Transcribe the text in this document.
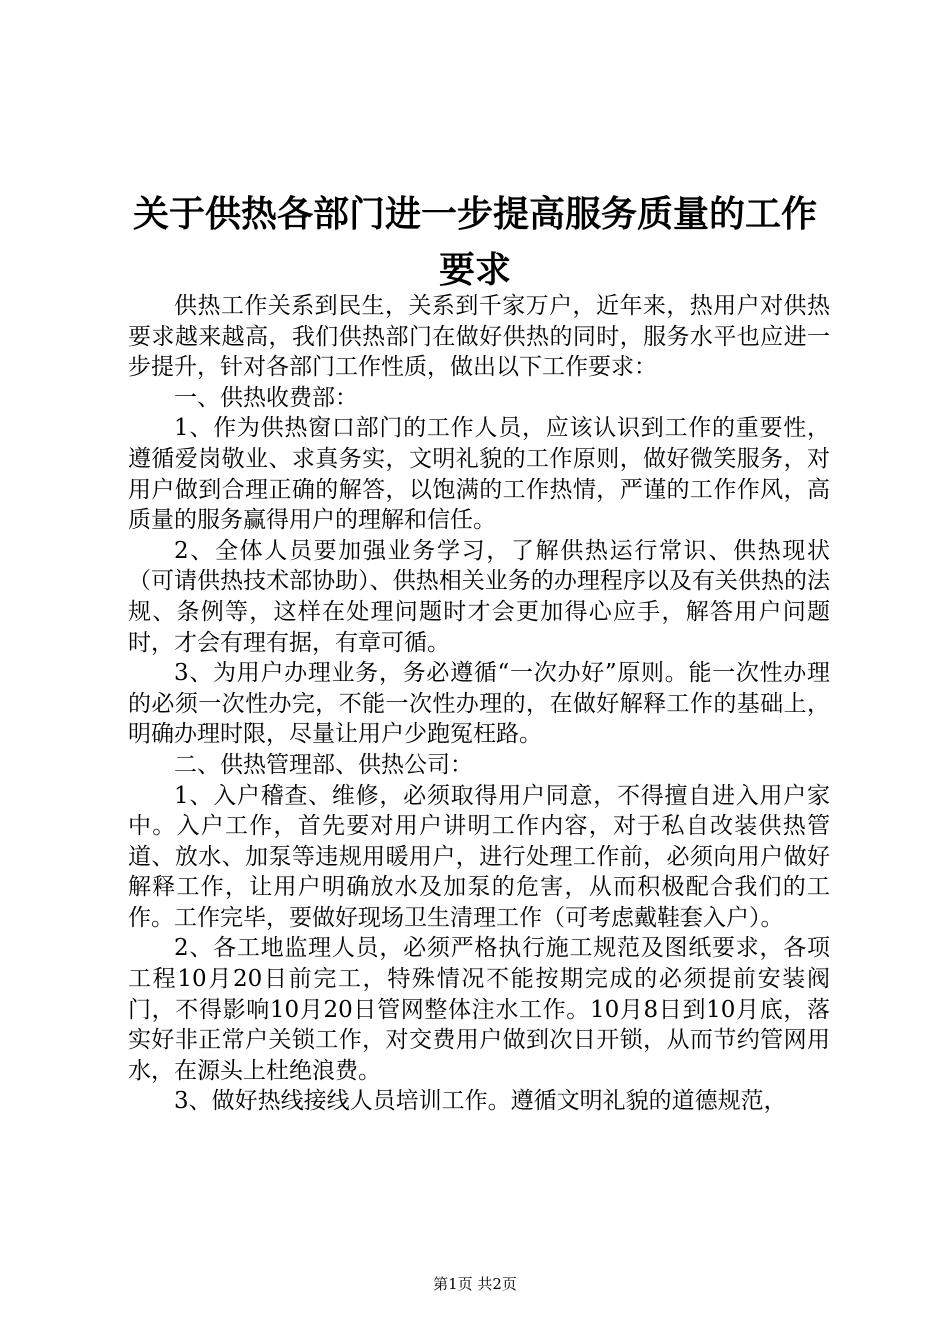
关于供热各部门进一步提高服务质量的工作要求

供热工作关系到民生，关系到千家万户，近年来，热用户对供热要求越来越高，我们供热部门在做好供热的同时，服务水平也应进一步提升，针对各部门工作性质，做出以下工作要求：

一、供热收费部：

1、作为供热窗口部门的工作人员，应该认识到工作的重要性，遵循爱岗敬业、求真务实，文明礼貌的工作原则，做好微笑服务，对用户做到合理正确的解答，以饱满的工作热情，严谨的工作作风，高质量的服务赢得用户的理解和信任。

2、全体人员要加强业务学习，了解供热运行常识、供热现状（可请供热技术部协助）、供热相关业务的办理程序以及有关供热的法规、条例等，这样在处理问题时才会更加得心应手，解答用户问题时，才会有理有据，有章可循。

3、为用户办理业务，务必遵循“一次办好”原则。能一次性办理的必须一次性办完，不能一次性办理的，在做好解释工作的基础上，明确办理时限，尽量让用户少跑冤枉路。

二、供热管理部、供热公司：

1、入户稽查、维修，必须取得用户同意，不得擅自进入用户家中。入户工作，首先要对用户讲明工作内容，对于私自改装供热管道、放水、加泵等违规用暖用户，进行处理工作前，必须向用户做好解释工作，让用户明确放水及加泵的危害，从而积极配合我们的工作。工作完毕，要做好现场卫生清理工作（可考虑戴鞋套入户）。

2、各工地监理人员，必须严格执行施工规范及图纸要求，各项工程10月20日前完工，特殊情况不能按期完成的必须提前安装阀门，不得影响10月20日管网整体注水工作。10月8日到10月底，落实好非正常户关锁工作，对交费用户做到次日开锁，从而节约管网用水，在源头上杜绝浪费。

3、做好热线接线人员培训工作。遵循文明礼貌的道德规范，

第1页 共2页
